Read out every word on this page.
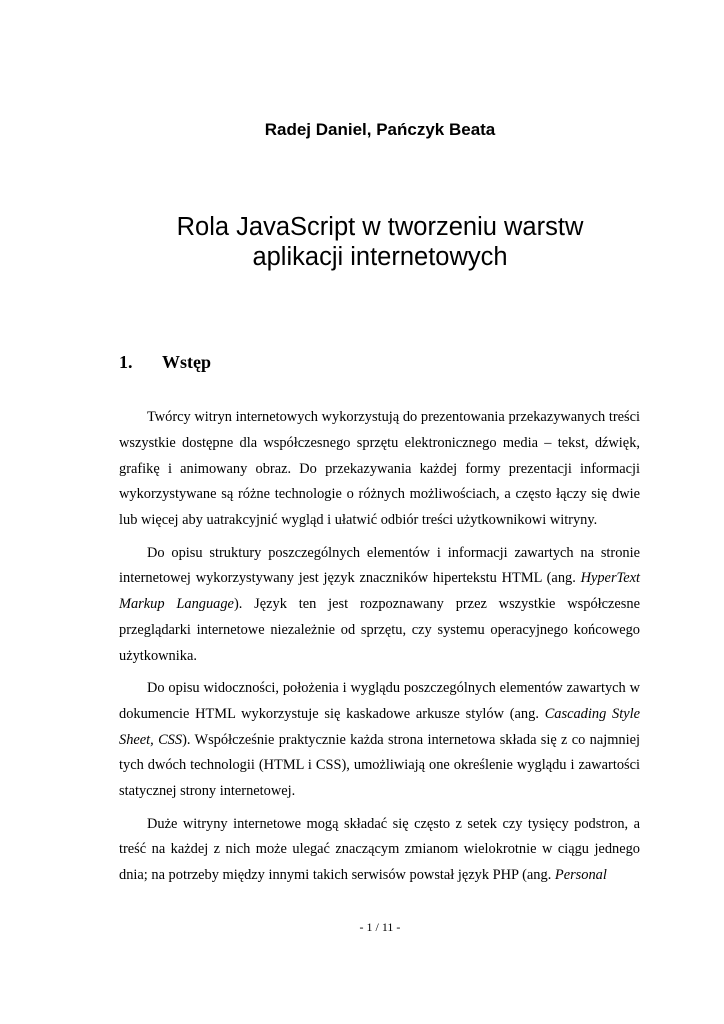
Radej Daniel, Pańczyk Beata
Rola JavaScript w tworzeniu warstw
aplikacji internetowych
1. Wstęp

Twórcy witryn internetowych wykorzystują do prezentowania przekazywanych treści wszystkie dostępne dla współczesnego sprzętu elektronicznego media – tekst, dźwięk, grafikę i animowany obraz. Do przekazywania każdej formy prezentacji informacji wykorzystywane są różne technologie o różnych możliwościach, a często łączy się dwie lub więcej aby uatrakcyjnić wygląd i ułatwić odbiór treści użytkownikowi witryny.

Do opisu struktury poszczególnych elementów i informacji zawartych na stronie internetowej wykorzystywany jest język znaczników hipertekstu HTML (ang. HyperText Markup Language). Język ten jest rozpoznawany przez wszystkie współczesne przeglądarki internetowe niezależnie od sprzętu, czy systemu operacyjnego końcowego użytkownika.

Do opisu widoczności, położenia i wyglądu poszczególnych elementów zawartych w dokumencie HTML wykorzystuje się kaskadowe arkusze stylów (ang. Cascading Style Sheet, CSS). Współcześnie praktycznie każda strona internetowa składa się z co najmniej tych dwóch technologii (HTML i CSS), umożliwiają one określenie wyglądu i zawartości statycznej strony internetowej.

Duże witryny internetowe mogą składać się często z setek czy tysięcy podstron, a treść na każdej z nich może ulegać znaczącym zmianom wielokrotnie w ciągu jednego dnia; na potrzeby między innymi takich serwisów powstał język PHP (ang. Personal

- 1 / 11 -
